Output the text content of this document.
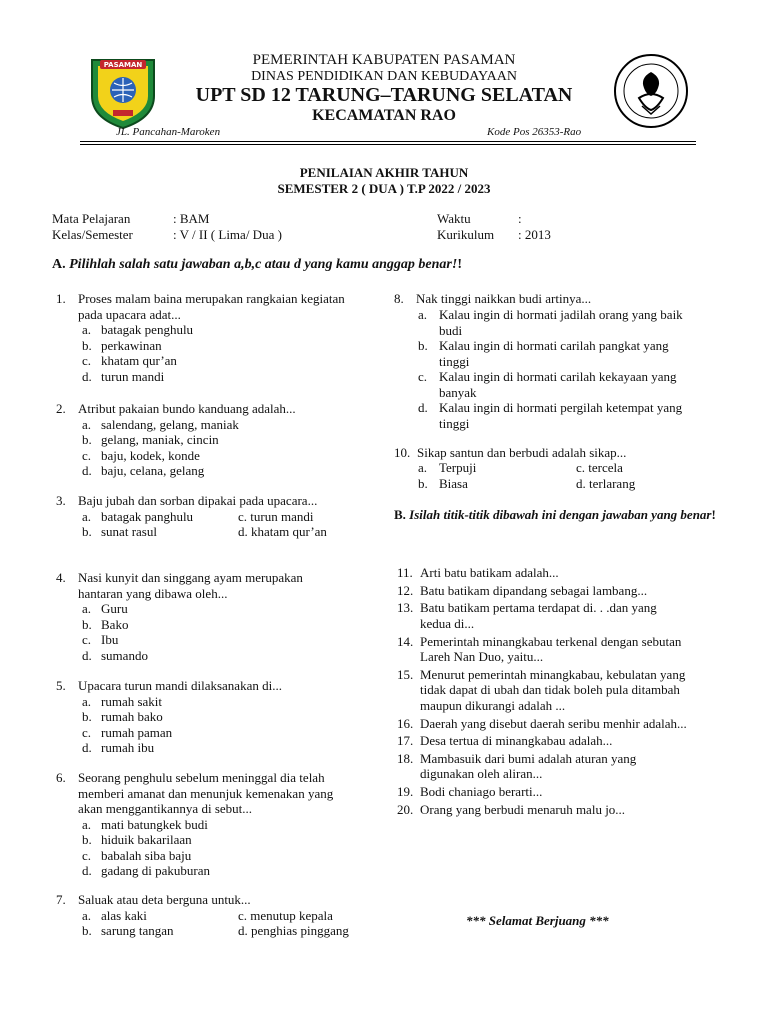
PASAMAN	PEMERINTAH KABUPATEN PASAMAN
DINAS PENDIDIKAN DAN KEBUDAYAAN
UPT SD 12 TARUNG–TARUNG SELATAN
KECAMATAN RAO
JL. Pancahan-Maroken	Kode Pos 26353-Rao
PENILAIAN AKHIR TAHUN
SEMESTER 2 ( DUA ) T.P 2022 / 2023
Mata Pelajaran	: BAM
Kelas/Semester	: V / II ( Lima/ Dua )
Waktu	:
Kurikulum : 2013
A. Pilihlah salah satu jawaban a,b,c atau d yang kamu anggap benar!!
1. Proses malam baina merupakan rangkaian kegiatan
pada upacara adat...
a. batagak penghulu
b. perkawinan
c. khatam qur’an
d. turun mandi
2. Atribut pakaian bundo kanduang adalah...
a. salendang, gelang, maniak
b. gelang, maniak, cincin
c. baju, kodek, konde
d. baju, celana, gelang
3. Baju jubah dan sorban dipakai pada upacara...
a. batagak panghulu	c. turun mandi
b. sunat rasul	d. khatam qur’an
4. Nasi kunyit dan singgang ayam merupakan
hantaran yang dibawa oleh...
a. Guru
b. Bako
c. Ibu
d. sumando
5. Upacara turun mandi dilaksanakan di...
a. rumah sakit
b. rumah bako
c. rumah paman
d. rumah ibu
6. Seorang penghulu sebelum meninggal dia telah
memberi amanat dan menunjuk kemenakan yang
akan menggantikannya di sebut...
a. mati batungkek budi
b. hiduik bakarilaan
c. babalah siba baju
d. gadang di pakuburan
7. Saluak atau deta berguna untuk...
a. alas kaki	c. menutup kepala
b. sarung tangan	d. penghias pinggang
8. Nak tinggi naikkan budi artinya...
a. Kalau ingin di hormati jadilah orang yang baik
budi
b. Kalau ingin di hormati carilah pangkat yang
tinggi
c. Kalau ingin di hormati carilah kekayaan yang
banyak
d. Kalau ingin di hormati pergilah ketempat yang
tinggi
10. Sikap santun dan berbudi adalah sikap...
a. Terpuji	c. tercela
b. Biasa	d. terlarang
B. Isilah titik-titik dibawah ini dengan jawaban yang benar!
11. Arti batu batikam adalah...
12. Batu batikam dipandang sebagai lambang...
13. Batu batikam pertama terdapat di. . .dan yang
kedua di...
14. Pemerintah minangkabau terkenal dengan sebutan
Lareh Nan Duo, yaitu...
15. Menurut pemerintah minangkabau, kebulatan yang
tidak dapat di ubah dan tidak boleh pula ditambah
maupun dikurangi adalah ...
16. Daerah yang disebut daerah seribu menhir adalah...
17. Desa tertua di minangkabau adalah...
18. Mambasuik dari bumi adalah aturan yang
digunakan oleh aliran...
19. Bodi chaniago berarti...
20. Orang yang berbudi menaruh malu jo...
*** Selamat Berjuang ***
